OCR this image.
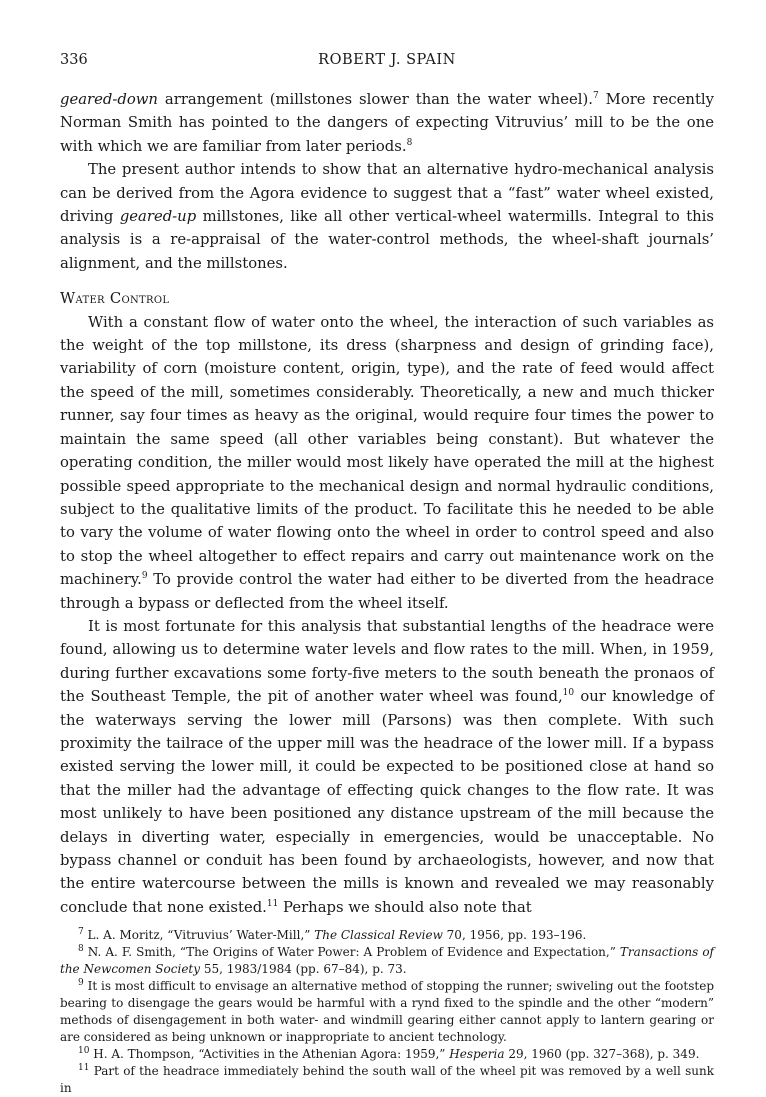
336	ROBERT J. SPAIN

geared-down arrangement (millstones slower than the water wheel).$^7$ More recently Norman Smith has pointed to the dangers of expecting Vitruvius’ mill to be the one with which we are familiar from later periods.$^8$

The present author intends to show that an alternative hydro-mechanical analysis can be derived from the Agora evidence to suggest that a “fast” water wheel existed, driving geared-up millstones, like all other vertical-wheel watermills. Integral to this analysis is a re-appraisal of the water-control methods, the wheel-shaft journals’ alignment, and the millstones.

Water Control

With a constant flow of water onto the wheel, the interaction of such variables as the weight of the top millstone, its dress (sharpness and design of grinding face), variability of corn (moisture content, origin, type), and the rate of feed would affect the speed of the mill, sometimes considerably. Theoretically, a new and much thicker runner, say four times as heavy as the original, would require four times the power to maintain the same speed (all other variables being constant). But whatever the operating condition, the miller would most likely have operated the mill at the highest possible speed appropriate to the mechanical design and normal hydraulic conditions, subject to the qualitative limits of the product. To facilitate this he needed to be able to vary the volume of water flowing onto the wheel in order to control speed and also to stop the wheel altogether to effect repairs and carry out maintenance work on the machinery.$^9$ To provide control the water had either to be diverted from the headrace through a bypass or deflected from the wheel itself.

It is most fortunate for this analysis that substantial lengths of the headrace were found, allowing us to determine water levels and flow rates to the mill. When, in 1959, during further excavations some forty-five meters to the south beneath the pronaos of the Southeast Temple, the pit of another water wheel was found,$^{10}$ our knowledge of the waterways serving the lower mill (Parsons) was then complete. With such proximity the tailrace of the upper mill was the headrace of the lower mill. If a bypass existed serving the lower mill, it could be expected to be positioned close at hand so that the miller had the advantage of effecting quick changes to the flow rate. It was most unlikely to have been positioned any distance upstream of the mill because the delays in diverting water, especially in emergencies, would be unacceptable. No bypass channel or conduit has been found by archaeologists, however, and now that the entire watercourse between the mills is known and revealed we may reasonably conclude that none existed.$^{11}$ Perhaps we should also note that

$^7$ L. A. Moritz, “Vitruvius’ Water-Mill,” The Classical Review 70, 1956, pp. 193–196.

$^8$ N. A. F. Smith, “The Origins of Water Power: A Problem of Evidence and Expectation,” Transactions of the Newcomen Society 55, 1983/1984 (pp. 67–84), p. 73.

$^9$ It is most difficult to envisage an alternative method of stopping the runner; swiveling out the footstep bearing to disengage the gears would be harmful with a rynd fixed to the spindle and the other “modern” methods of disengagement in both water- and windmill gearing either cannot apply to lantern gearing or are considered as being unknown or inappropriate to ancient technology.

$^{10}$ H. A. Thompson, “Activities in the Athenian Agora: 1959,” Hesperia 29, 1960 (pp. 327–368), p. 349.

$^{11}$ Part of the headrace immediately behind the south wall of the wheel pit was removed by a well sunk in
